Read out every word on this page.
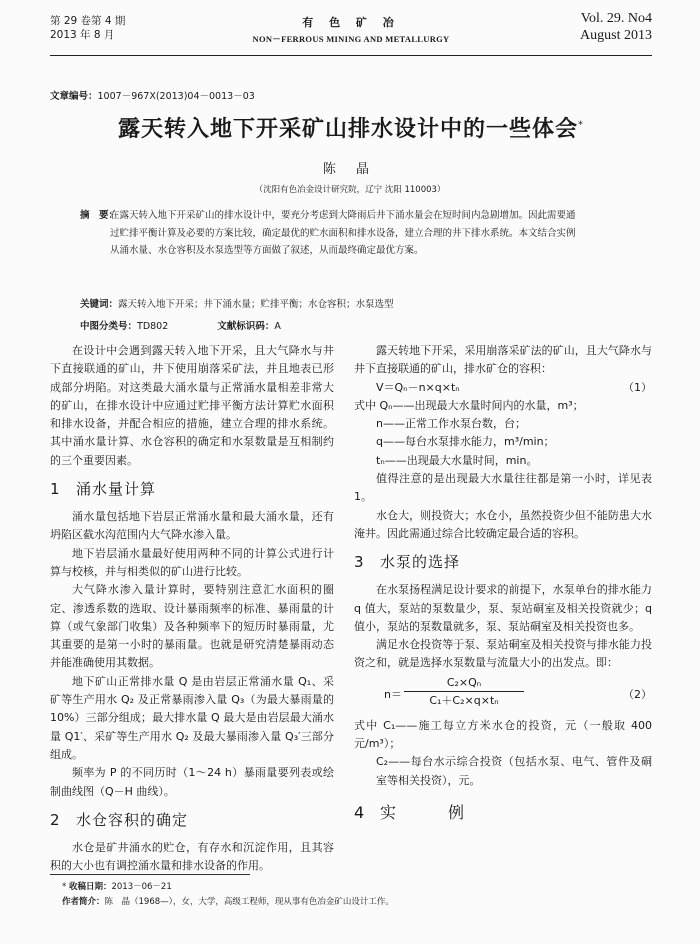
第 29 卷第 4 期
2013 年 8 月
有 色 矿 冶
NON－FERROUS MINING AND METALLURGY
Vol. 29. No4
August 2013
文章编号：1007－967X(2013)04－0013－03
露天转入地下开采矿山排水设计中的一些体会*
陈 晶
（沈阳有色冶金设计研究院，辽宁 沈阳 110003）
摘　要：
在露天转入地下开采矿山的排水设计中，要充分考虑到大降雨后井下涌水量会在短时间内急剧增加。因此需要通过贮排平衡计算及必要的方案比较，确定最优的贮水面积和排水设备，建立合理的井下排水系统。本文结合实例从涌水量、水仓容积及水泵选型等方面做了叙述，从而最终确定最优方案。
关键词：露天转入地下开采；井下涌水量；贮排平衡；水仓容积；水泵选型
中图分类号：TD802	文献标识码：A

在设计中会遇到露天转入地下开采，且大气降水与井下直接联通的矿山，井下使用崩落采矿法，并且地表已形成部分坍陷。对这类最大涌水量与正常涌水量相差非常大的矿山，在排水设计中应通过贮排平衡方法计算贮水面积和排水设备，并配合相应的措施，建立合理的排水系统。其中涌水量计算、水仓容积的确定和水泵数量是互相制约的三个重要因素。

1 涌水量计算

涌水量包括地下岩层正常涌水量和最大涌水量，还有坍陷区截水沟范围内大气降水渗入量。

地下岩层涌水量最好使用两种不同的计算公式进行计算与校核，并与相类似的矿山进行比较。

大气降水渗入量计算时，要特别注意汇水面积的圈定、渗透系数的选取、设计暴雨频率的标准、暴雨量的计算（或气象部门收集）及各种频率下的短历时暴雨量，尤其重要的是第一小时的暴雨量。也就是研究清楚暴雨动态并能准确使用其数据。

地下矿山正常排水量 Q 是由岩层正常涌水量 Q₁、采矿等生产用水 Q₂ 及正常暴雨渗入量 Q₃（为最大暴雨量的 10%）三部分组成；最大排水量 Q 最大是由岩层最大涌水量 Q1′、采矿等生产用水 Q₂ 及最大暴雨渗入量 Q₃′三部分组成。

频率为 P 的不同历时（1～24 h）暴雨量要列表或绘制曲线图（Q－H 曲线）。

2 水仓容积的确定

水仓是矿井涌水的贮仓，有存水和沉淀作用，且其容积的大小也有调控涌水量和排水设备的作用。

露天转地下开采，采用崩落采矿法的矿山，且大气降水与井下直接联通的矿山，排水矿仓的容积：

V＝Qₙ－n×q×tₙ	（1）

式中 Qₙ——出现最大水量时间内的水量，m³；

n——正常工作水泵台数，台；

q——每台水泵排水能力，m³/min；

tₙ——出现最大水量时间，min。

值得注意的是出现最大水量往往都是第一小时，详见表 1。

水仓大，则投资大；水仓小，虽然投资少但不能防患大水淹井。因此需通过综合比较确定最合适的容积。

3 水泵的选择

在水泵扬程满足设计要求的前提下，水泵单台的排水能力 q 值大，泵站的泵数量少，泵、泵站硐室及相关投资就少；q 值小，泵站的泵数量就多，泵、泵站硐室及相关投资也多。

满足水仓投资等于泵、泵站硐室及相关投资与排水能力投资之和，就是选择水泵数量与流量大小的出发点。即：

$n= \frac{\text{C₂×Qₙ}}{\text{C₁＋C₂×q×tₙ}}$	（2）

式中 C₁——施工每立方米水仓的投资，元（一般取 400 元/m³）；

C₂——每台水示综合投资（包括水泵、电气、管件及硐室等相关投资），元。

4 实　例
* 收稿日期：2013－06－21
作者简介：陈　晶（1968—），女，大学，高级工程师，现从事有色冶金矿山设计工作。
